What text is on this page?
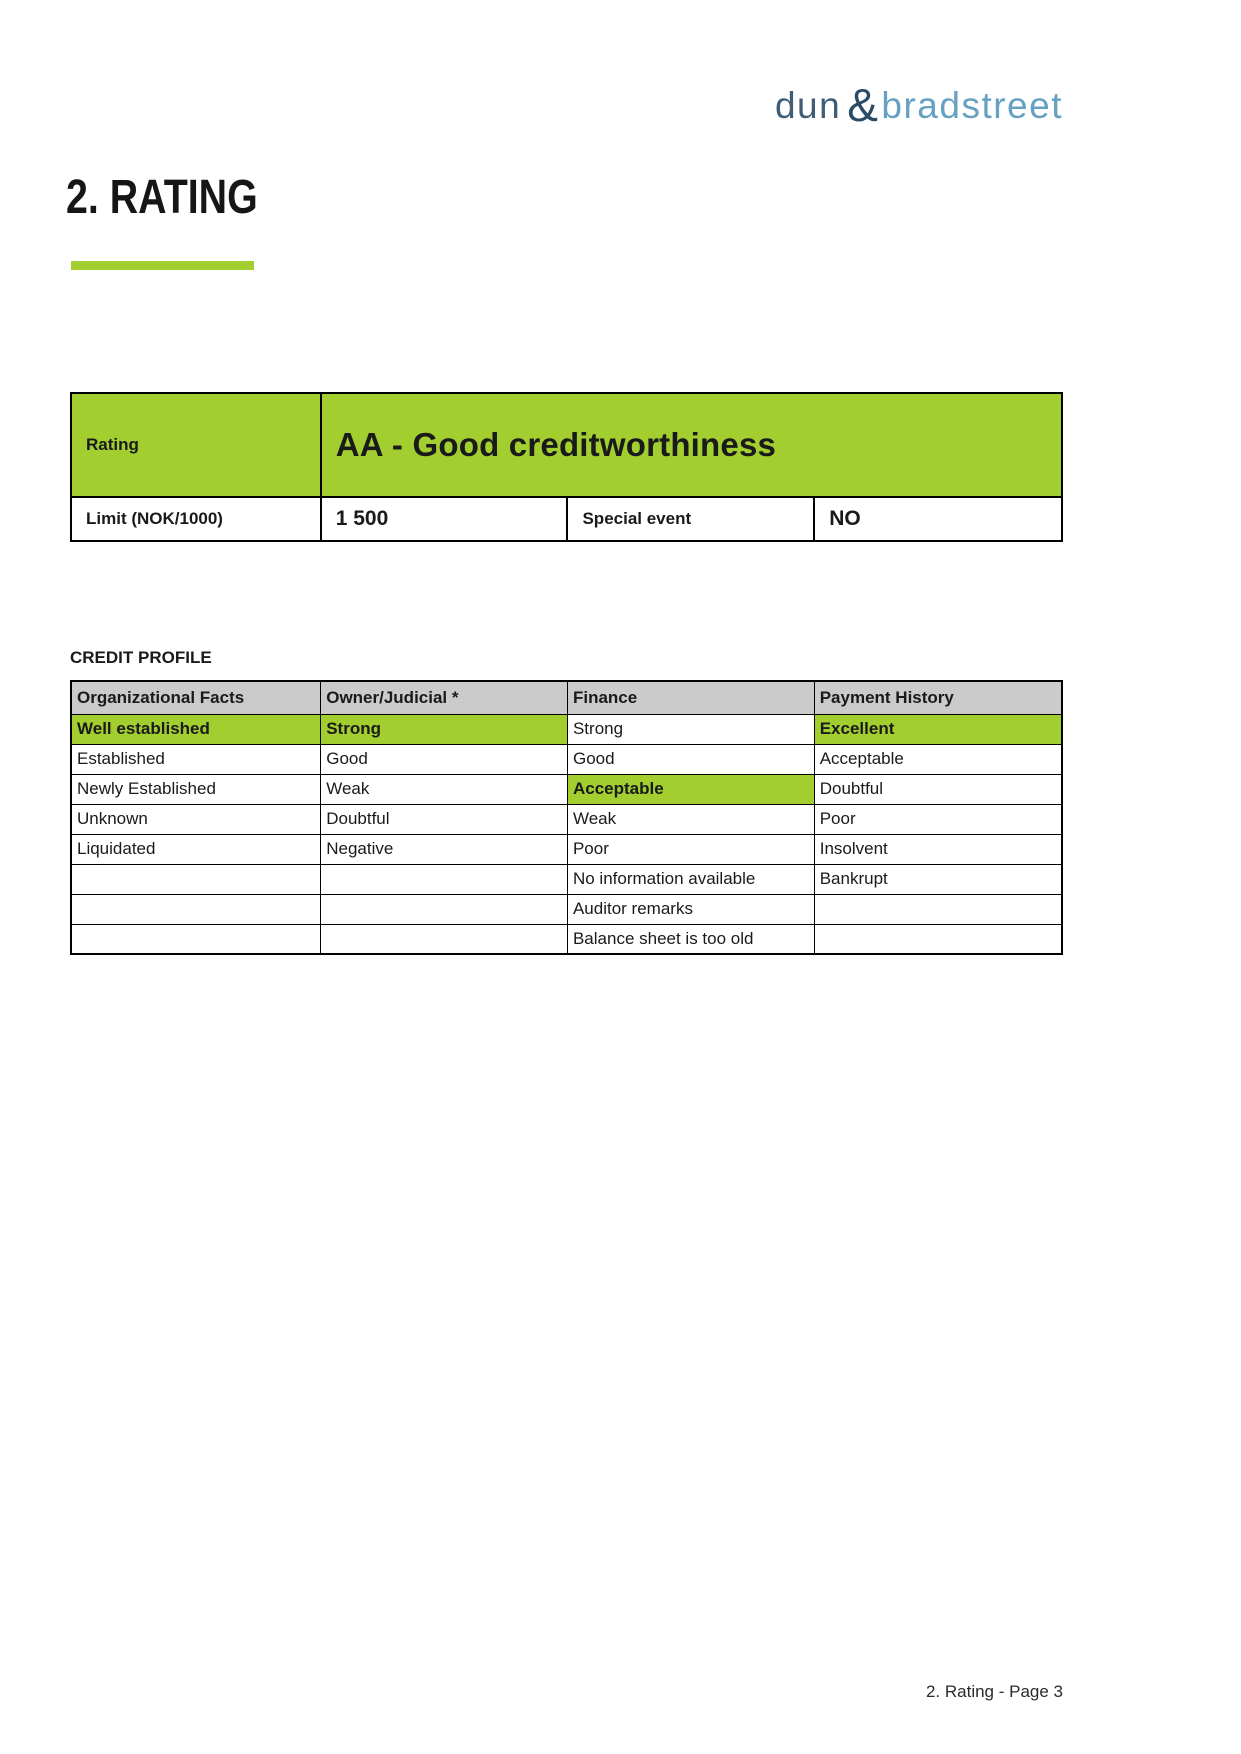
dun &bradstreet
2. RATING
Rating	AA - Good creditworthiness		
Limit (NOK/1000)	1 500	Special event	NO
CREDIT PROFILE
Organizational Facts	Owner/Judicial *	Finance	Payment History
Well established	Strong	Strong	Excellent
Established	Good	Good	Acceptable
Newly Established	Weak	Acceptable	Doubtful
Unknown	Doubtful	Weak	Poor
Liquidated	Negative	Poor	Insolvent
		No information available	Bankrupt
		Auditor remarks	
		Balance sheet is too old	
2. Rating - Page 3
